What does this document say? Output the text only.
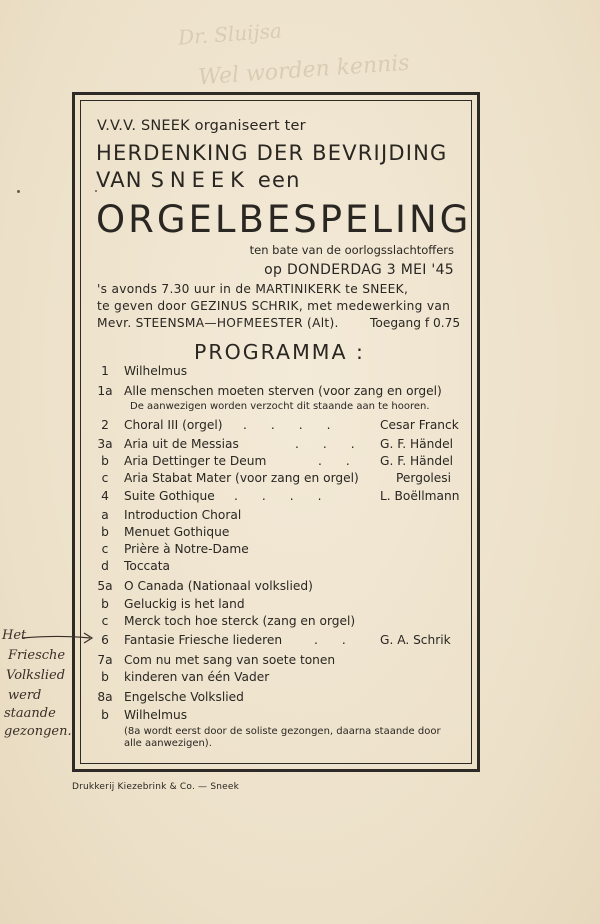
Dr. Sluijsa
Wel worden kennis
V.V.V. SNEEK organiseert ter
HERDENKING DER BEVRIJDING
VAN SNEEK een
ORGELBESPELING
ten bate van de oorlogsslachtoffers
op DONDERDAG 3 MEI '45
's avonds 7.30 uur in de MARTINIKERK te SNEEK,
te geven door GEZINUS SCHRIK, met medewerking van
Mevr. STEENSMA—HOFMEESTER (Alt).	Toegang f 0.75
PROGRAMMA :
1	Wilhelmus
1a Alle menschen moeten sterven (voor zang en orgel)
De aanwezigen worden verzocht dit staande aan te hooren.
2	Choral III (orgel) .... Cesar Franck
3a Aria uit de Messias	... G. F. Händel
b	Aria Dettinger te Deum	.. G. F. Händel
c	Aria Stabat Mater (voor zang en orgel)	Pergolesi
4	Suite Gothique ....	L. Boëllmann
a	Introduction Choral
b	Menuet Gothique
c	Prière à Notre-Dame
d	Toccata
5a O Canada (Nationaal volkslied)
b	Geluckig is het land
c	Merck toch hoe sterck (zang en orgel)
6	Fantasie Friesche liederen	.. G. A. Schrik
7a Com nu met sang van soete tonen
b	kinderen van één Vader
8a Engelsche Volkslied
b	Wilhelmus
(8a wordt eerst door de soliste gezongen, daarna staande door
alle aanwezigen).
Het
Friesche
Volkslied
werd
staande
gezongen.
Drukkerij Kiezebrink & Co. — Sneek
